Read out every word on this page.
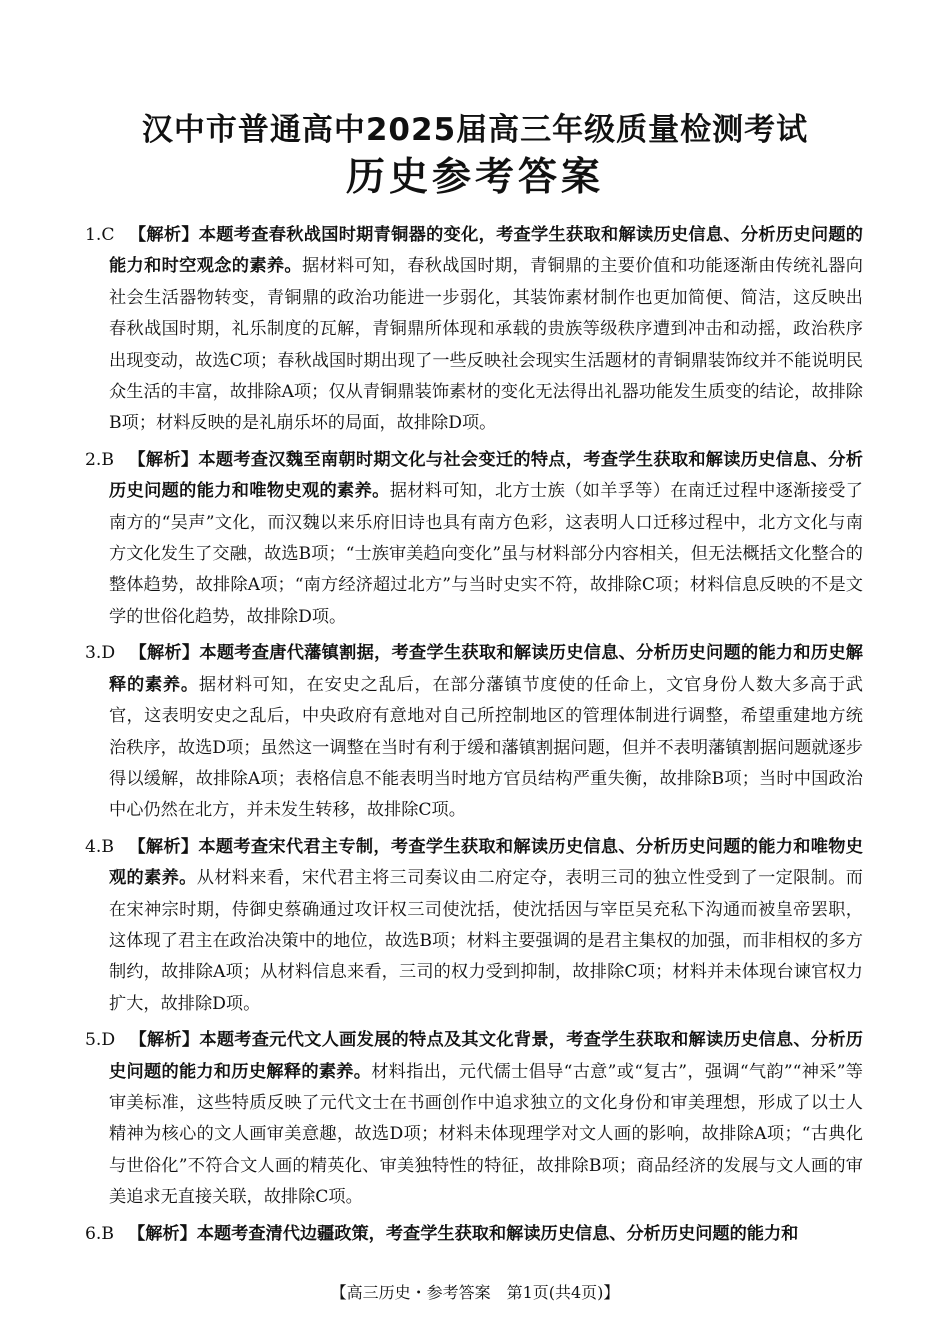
汉中市普通高中2025届高三年级质量检测考试
历史参考答案

1.C 【解析】本题考查春秋战国时期青铜器的变化，考查学生获取和解读历史信息、分析历史问题的能力和时空观念的素养。据材料可知，春秋战国时期，青铜鼎的主要价值和功能逐渐由传统礼器向社会生活器物转变，青铜鼎的政治功能进一步弱化，其装饰素材制作也更加简便、简洁，这反映出春秋战国时期，礼乐制度的瓦解，青铜鼎所体现和承载的贵族等级秩序遭到冲击和动摇，政治秩序出现变动，故选C项；春秋战国时期出现了一些反映社会现实生活题材的青铜鼎装饰纹并不能说明民众生活的丰富，故排除A项；仅从青铜鼎装饰素材的变化无法得出礼器功能发生质变的结论，故排除B项；材料反映的是礼崩乐坏的局面，故排除D项。

2.B 【解析】本题考查汉魏至南朝时期文化与社会变迁的特点，考查学生获取和解读历史信息、分析历史问题的能力和唯物史观的素养。据材料可知，北方士族（如羊孚等）在南迁过程中逐渐接受了南方的“吴声”文化，而汉魏以来乐府旧诗也具有南方色彩，这表明人口迁移过程中，北方文化与南方文化发生了交融，故选B项；“士族审美趋向变化”虽与材料部分内容相关，但无法概括文化整合的整体趋势，故排除A项；“南方经济超过北方”与当时史实不符，故排除C项；材料信息反映的不是文学的世俗化趋势，故排除D项。

3.D 【解析】本题考查唐代藩镇割据，考查学生获取和解读历史信息、分析历史问题的能力和历史解释的素养。据材料可知，在安史之乱后，在部分藩镇节度使的任命上，文官身份人数大多高于武官，这表明安史之乱后，中央政府有意地对自己所控制地区的管理体制进行调整，希望重建地方统治秩序，故选D项；虽然这一调整在当时有利于缓和藩镇割据问题，但并不表明藩镇割据问题就逐步得以缓解，故排除A项；表格信息不能表明当时地方官员结构严重失衡，故排除B项；当时中国政治中心仍然在北方，并未发生转移，故排除C项。

4.B 【解析】本题考查宋代君主专制，考查学生获取和解读历史信息、分析历史问题的能力和唯物史观的素养。从材料来看，宋代君主将三司奏议由二府定夺，表明三司的独立性受到了一定限制。而在宋神宗时期，侍御史蔡确通过攻讦权三司使沈括，使沈括因与宰臣吴充私下沟通而被皇帝罢职，这体现了君主在政治决策中的地位，故选B项；材料主要强调的是君主集权的加强，而非相权的多方制约，故排除A项；从材料信息来看，三司的权力受到抑制，故排除C项；材料并未体现台谏官权力扩大，故排除D项。

5.D 【解析】本题考查元代文人画发展的特点及其文化背景，考查学生获取和解读历史信息、分析历史问题的能力和历史解释的素养。材料指出，元代儒士倡导“古意”或“复古”，强调“气韵”“神采”等审美标准，这些特质反映了元代文士在书画创作中追求独立的文化身份和审美理想，形成了以士人精神为核心的文人画审美意趣，故选D项；材料未体现理学对文人画的影响，故排除A项；“古典化与世俗化”不符合文人画的精英化、审美独特性的特征，故排除B项；商品经济的发展与文人画的审美追求无直接关联，故排除C项。

6.B 【解析】本题考查清代边疆政策，考查学生获取和解读历史信息、分析历史问题的能力和

【高三历史・参考答案　第1页(共4页)】
